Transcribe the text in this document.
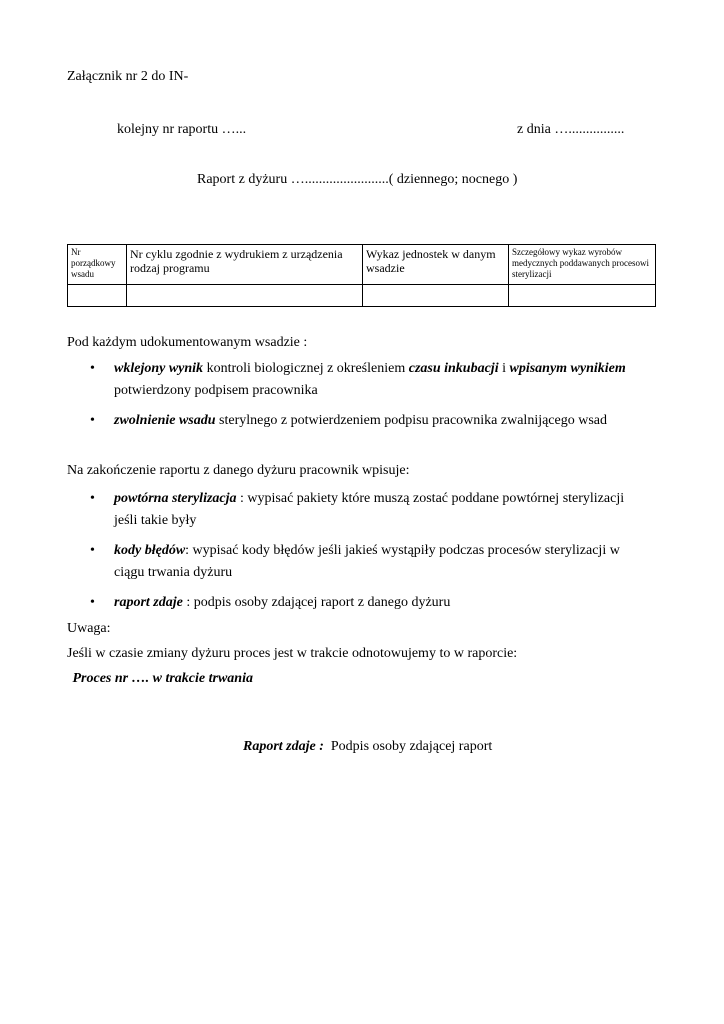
Załącznik nr 2 do IN-
kolejny nr raportu …...	z dnia …................
Raport z dyżuru …........................( dziennego; nocnego )
Nr porządkowy wsadu	Nr cyklu zgodnie z wydrukiem z urządzenia rodzaj programu	Wykaz jednostek w danym wsadzie	Szczegółowy wykaz wyrobów medycznych poddawanych procesowi sterylizacji

Pod każdym udokumentowanym wsadzie :
• wklejony wynik kontroli biologicznej z określeniem czasu inkubacji i wpisanym wynikiem
potwierdzony podpisem pracownika
• zwolnienie wsadu sterylnego z potwierdzeniem podpisu pracownika zwalnijącego wsad
Na zakończenie raportu z danego dyżuru pracownik wpisuje:
• powtórna sterylizacja : wypisać pakiety które muszą zostać poddane powtórnej sterylizacji
jeśli takie były
• kody błędów: wypisać kody błędów jeśli jakieś wystąpiły podczas procesów sterylizacji w
ciągu trwania dyżuru
• raport zdaje : podpis osoby zdającej raport z danego dyżuru
Uwaga:
Jeśli w czasie zmiany dyżuru proces jest w trakcie odnotowujemy to w raporcie:
Proces nr …. w trakcie trwania

Raport zdaje :  Podpis osoby zdającej raport
